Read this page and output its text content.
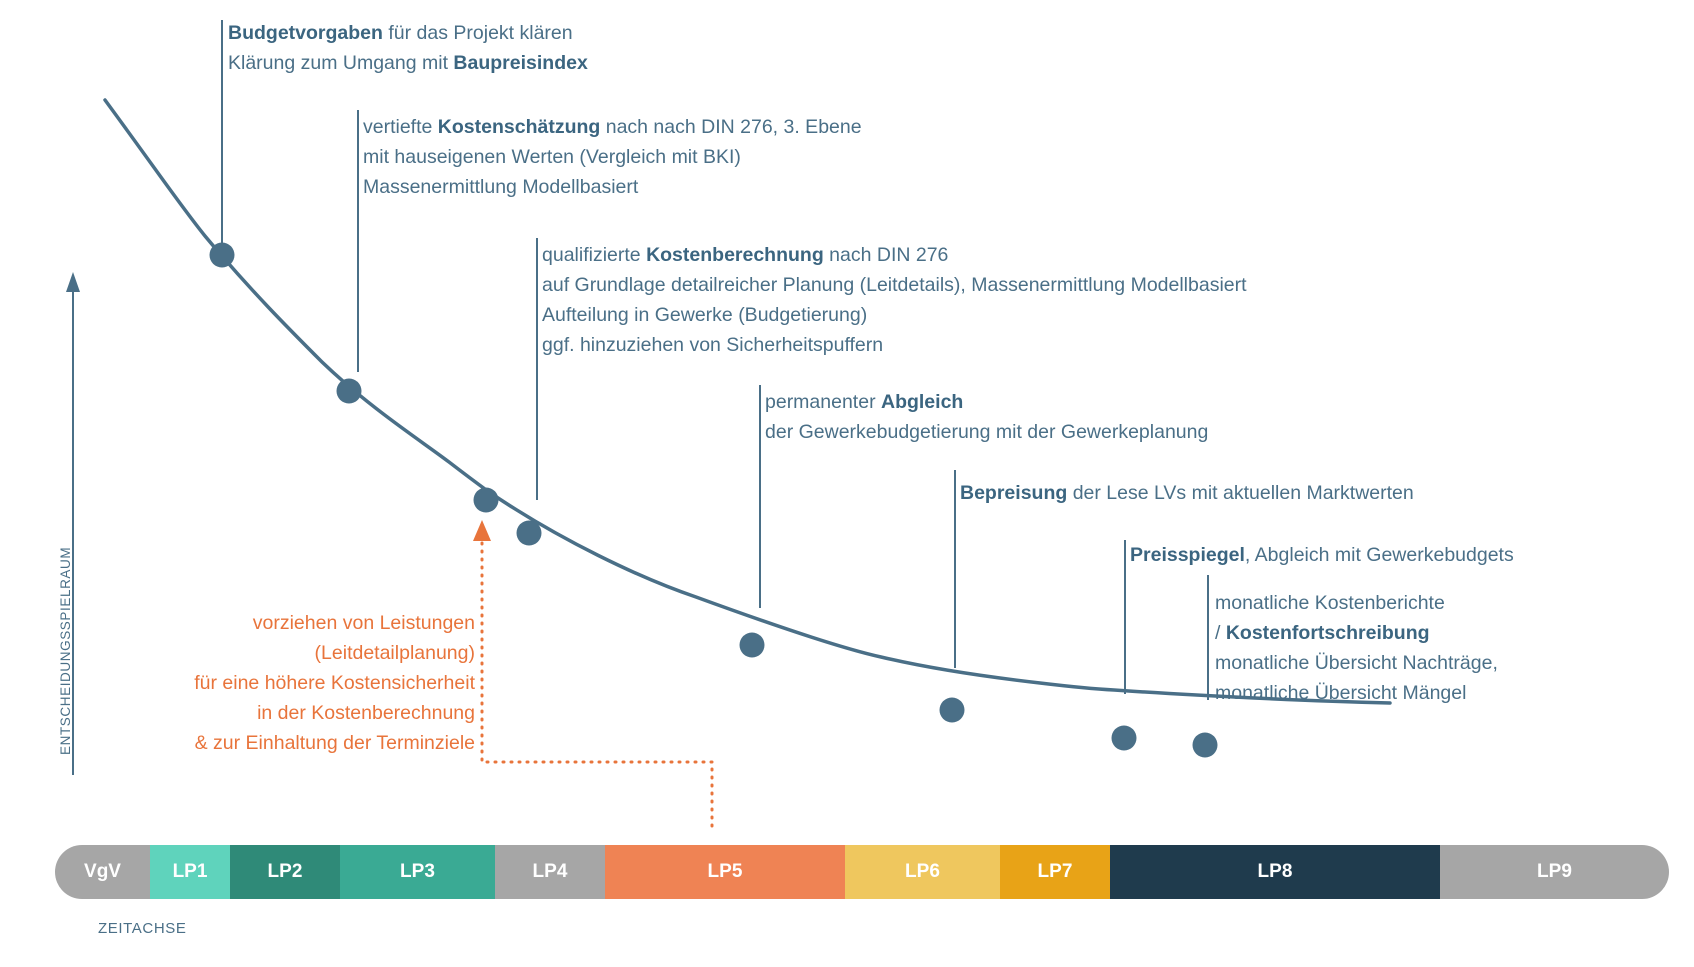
ENTSCHEIDUNGSSPIELRAUM
ZEITACHSE
Budgetvorgaben für das Projekt klären
Klärung zum Umgang mit Baupreisindex
vertiefte Kostenschätzung nach nach DIN 276, 3. Ebene
mit hauseigenen Werten (Vergleich mit BKI)
Massenermittlung Modellbasiert
qualifizierte Kostenberechnung nach DIN 276
auf Grundlage detailreicher Planung (Leitdetails), Massenermittlung Modellbasiert
Aufteilung in Gewerke (Budgetierung)
ggf. hinzuziehen von Sicherheitspuffern
permanenter Abgleich
der Gewerkebudgetierung mit der Gewerkeplanung
Bepreisung der Lese LVs mit aktuellen Marktwerten
Preisspiegel, Abgleich mit Gewerkebudgets
monatliche Kostenberichte
/ Kostenfortschreibung
monatliche Übersicht Nachträge,
monatliche Übersicht Mängel
vorziehen von Leistungen
(Leitdetailplanung)
für eine höhere Kostensicherheit
in der Kostenberechnung
& zur Einhaltung der Terminziele
VgV	LP1	LP2	LP3	LP4	LP5	LP6	LP7	LP8	LP9
